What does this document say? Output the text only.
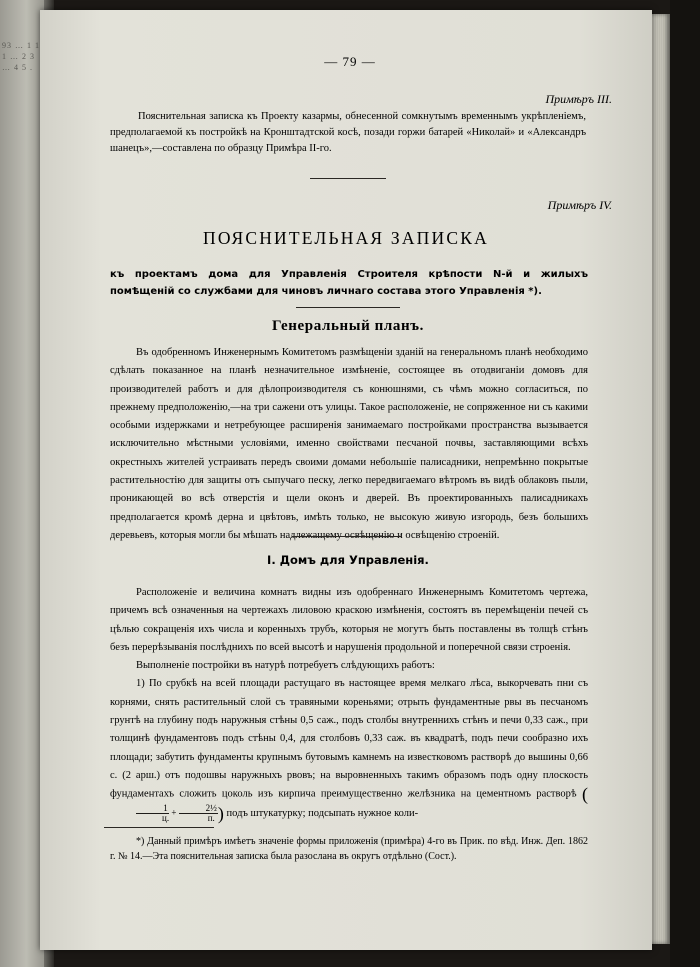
93 … 1 1 1 … 2 3 … 4 5 .	— 79 —
Примѣръ III.
Пояснительная записка къ Проекту казармы, обнесенной сомкнутымъ временнымъ укрѣпленіемъ, предполагаемой къ постройкѣ на Кронштадтской косѣ, позади горжи батарей «Николай» и «Александръ шанецъ»,—составлена по образцу Примѣра II-го.
Примѣръ IV.
ПОЯСНИТЕЛЬНАЯ ЗАПИСКА
къ проектамъ дома для Управленія Строителя крѣпости N-й и жилыхъ помѣщеній со службами для чиновъ личнаго состава этого Управленія *).
Генеральный планъ.
Въ одобренномъ Инженернымъ Комитетомъ размѣщеніи зданій на генеральномъ планѣ необходимо сдѣлать показанное на планѣ незначительное измѣненіе, состоящее въ отодвиганіи домовъ для производителей работъ и для дѣлопроизводителя съ конюшнями, съ чѣмъ можно согласиться, по прежнему предположенію,—на три сажени отъ улицы. Такое расположеніе, не сопряженное ни съ какими особыми издержками и нетребующее расширенія занимаемаго постройками пространства вызывается исключительно мѣстными условіями, именно свойствами песчаной почвы, заставляющими всѣхъ окрестныхъ жителей устраивать передъ своими домами небольшіе палисадники, непремѣнно покрытые растительностію для защиты отъ сыпучаго песку, легко передвигаемаго вѣтромъ въ видѣ облаковъ пыли, проникающей во всѣ отверстія и щели оконъ и дверей. Въ проектированныхъ палисадникахъ предполагается кромѣ дерна и цвѣтовъ, имѣть только, не высокую живую изгородь, безъ большихъ деревьевъ, которыя могли бы мѣшать надлежащему освѣщенію и освѣщенію строеній.
I. Домъ для Управленія.

Расположеніе и величина комнатъ видны изъ одобреннаго Инженернымъ Комитетомъ чертежа, причемъ всѣ означенныя на чертежахъ лиловою краскою измѣненія, состоятъ въ перемѣщеніи печей съ цѣлью сокращенія ихъ числа и коренныхъ трубъ, которыя не могутъ быть поставлены въ толщѣ стѣнъ безъ перерѣзыванія послѣднихъ по всей высотѣ и нарушенія продольной и поперечной связи строенія.

Выполненіе постройки въ натурѣ потребуетъ слѣдующихъ работъ:

1) По срубкѣ на всей площади растущаго въ настоящее время мелкаго лѣса, выкорчевать пни съ корнями, снять растительный слой съ травяными кореньями; отрыть фундаментные рвы въ песчаномъ грунтѣ на глубину подъ наружныя стѣны 0,5 саж., подъ столбы внутреннихъ стѣнъ и печи 0,33 саж., при толщинѣ фундаментовъ подъ стѣны 0,4, для столбовъ 0,33 саж. въ квадратѣ, подъ печи сообразно ихъ площади; забутить фундаменты крупнымъ бутовымъ камнемъ на известковомъ растворѣ до вышины 0,66 с. (2 арш.) отъ подошвы наружныхъ рвовъ; на выровненныхъ такимъ образомъ подъ одну плоскость фундаментахъ сложить цоколь изъ кирпича преимущественно желѣзника на цементномъ растворѣ (
1
ц.
+	2½
п. ) подъ штукатурку; подсыпать нужное коли-

*) Данный примѣръ имѣетъ значеніе формы приложенія (примѣра) 4-го въ Прик. по вѣд. Инж. Деп. 1862 г. № 14.—Эта пояснительная записка была разослана въ округъ отдѣльно (Сост.).
